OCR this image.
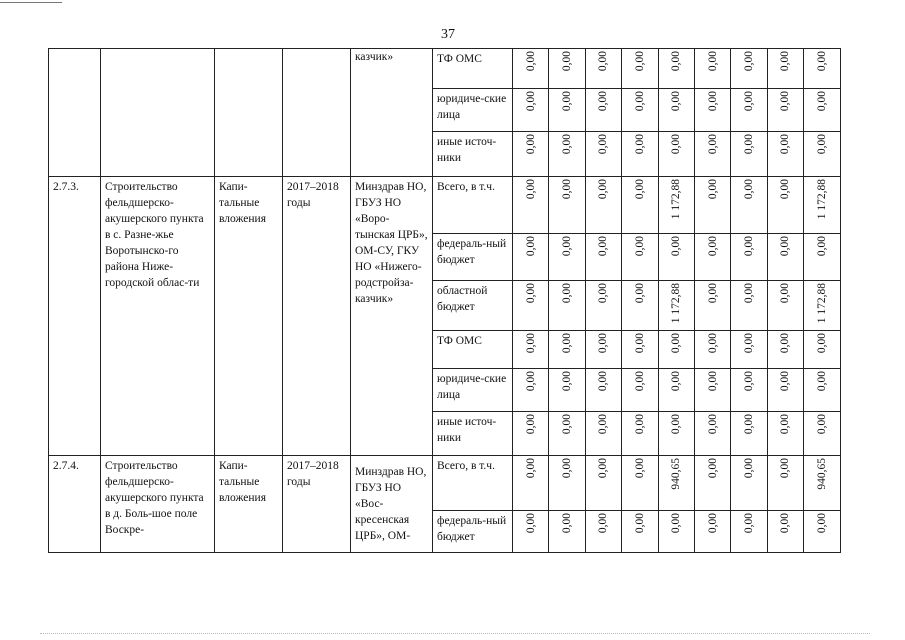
37
				казчик»	ТФ ОМС	0,00	0,00	0,00	0,00	0,00	0,00	0,00	0,00	0,00
					юридиче-ские лица	0,00	0,00	0,00	0,00	0,00	0,00	0,00	0,00	0,00
					иные источ-ники	0,00	0,00	0,00	0,00	0,00	0,00	0,00	0,00	0,00
2.7.3.	Строительство фельдшерско-акушерского пункта в с. Разне-жье Воротынско-го района Ниже-городской облас-ти	Капи-тальные вложения	2017–2018 годы	Минздрав НО, ГБУЗ НО «Воро-тынская ЦРБ», ОМ-СУ, ГКУ НО «Нижего-родстройза-казчик»	Всего, в т.ч.	0,00	0,00	0,00	0,00	1 172,88	0,00	0,00	0,00	1 172,88
					федераль-ный бюджет	0,00	0,00	0,00	0,00	0,00	0,00	0,00	0,00	0,00
					областной бюджет	0,00	0,00	0,00	0,00	1 172,88	0,00	0,00	0,00	1 172,88
					ТФ ОМС	0,00	0,00	0,00	0,00	0,00	0,00	0,00	0,00	0,00
					юридиче-ские лица	0,00	0,00	0,00	0,00	0,00	0,00	0,00	0,00	0,00
					иные источ-ники	0,00	0,00	0,00	0,00	0,00	0,00	0,00	0,00	0,00
2.7.4.	Строительство фельдшерско-акушерского пункта в д. Боль-шое поле Воскре-	Капи-тальные вложения	2017–2018 годы	Минздрав НО, ГБУЗ НО «Вос-кресенская ЦРБ», ОМ-	Всего, в т.ч.	0,00	0,00	0,00	0,00	940,65	0,00	0,00	0,00	940,65
					федераль-ный бюджет	0,00	0,00	0,00	0,00	0,00	0,00	0,00	0,00	0,00
